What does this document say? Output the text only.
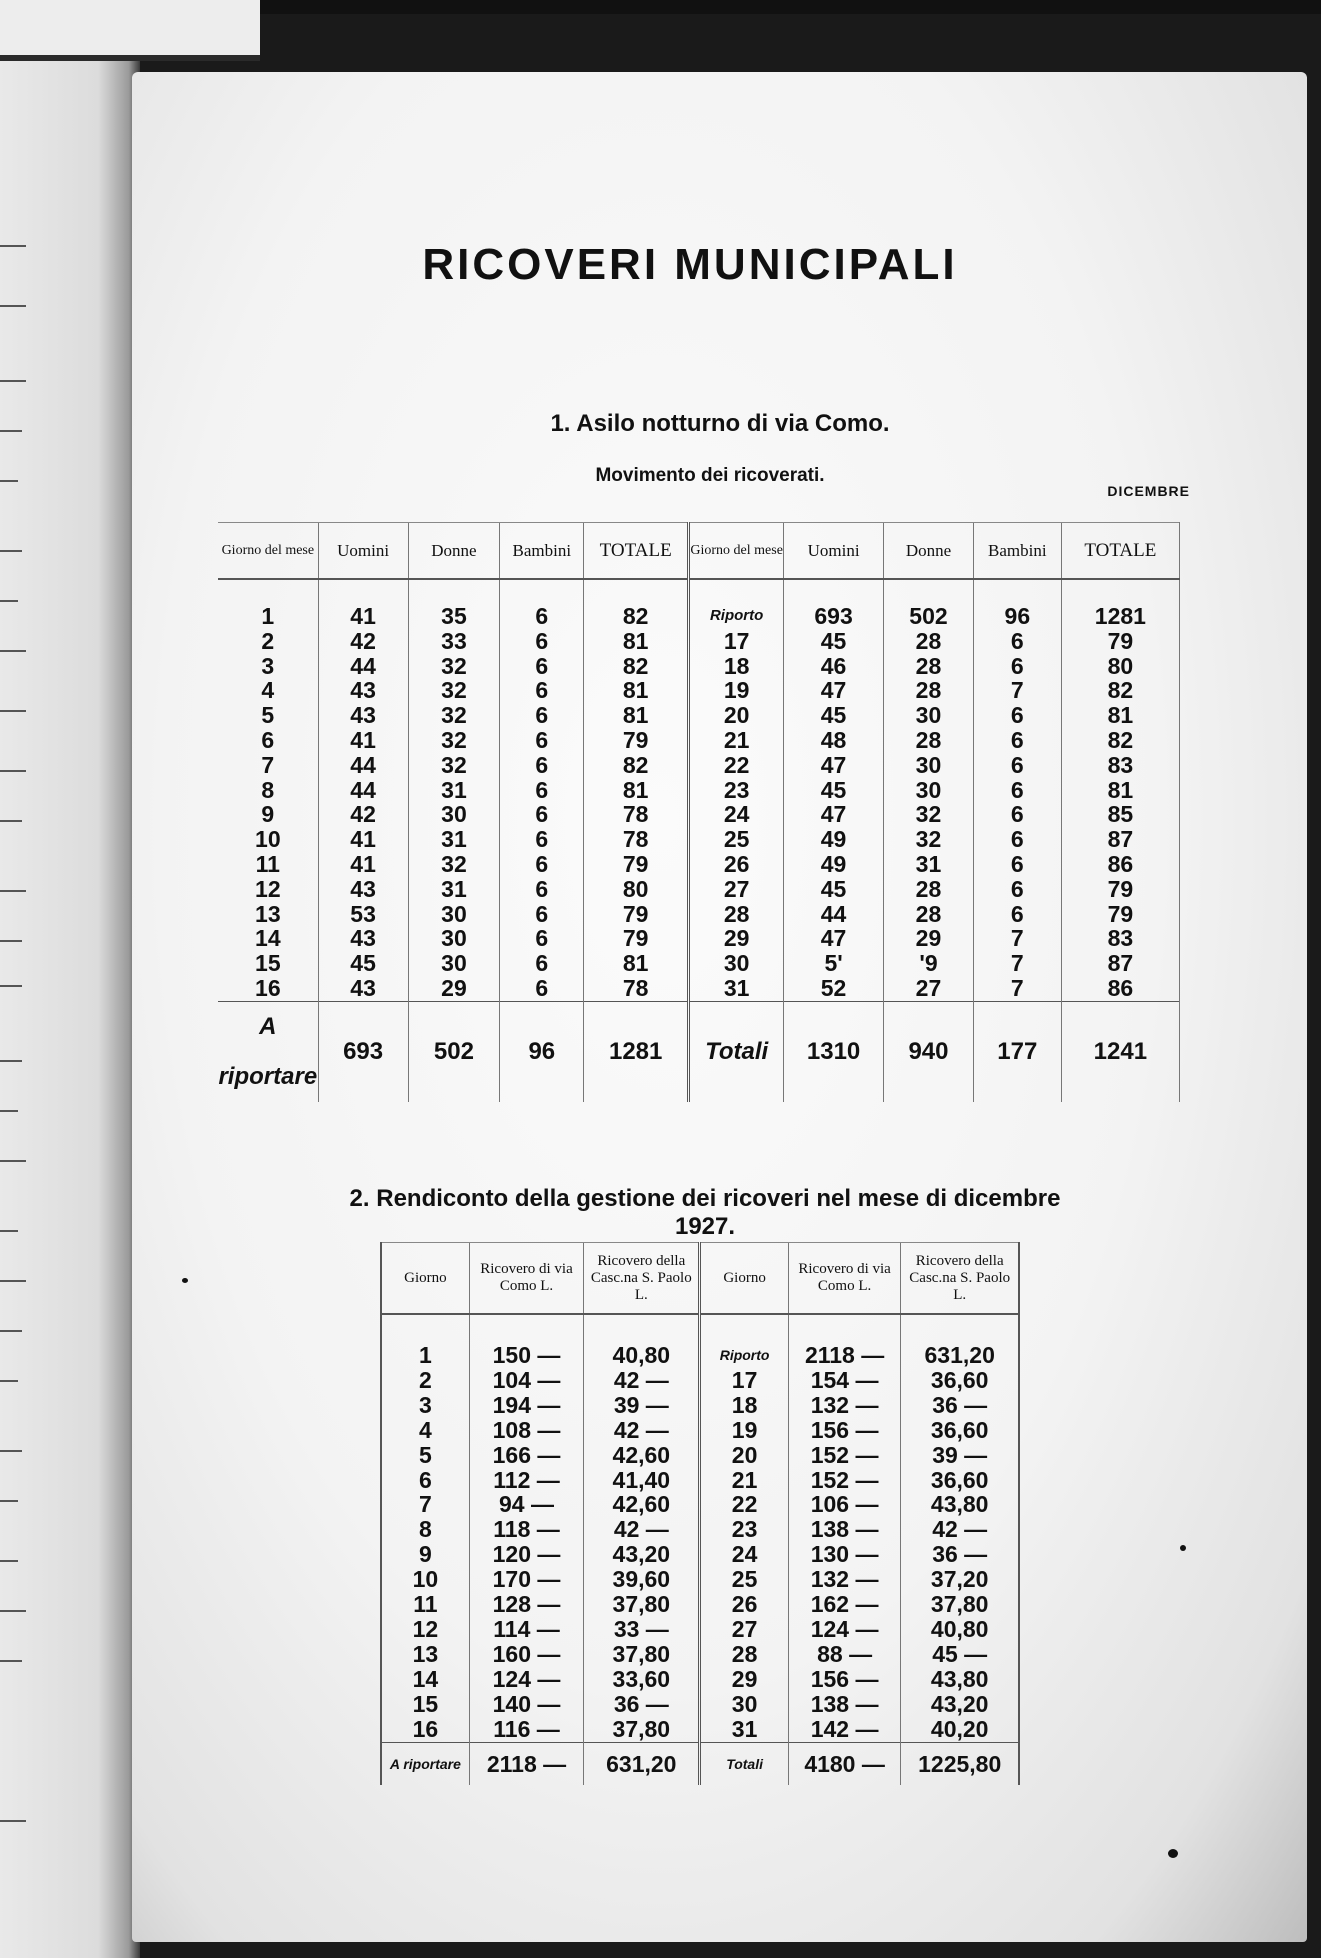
RICOVERI MUNICIPALI
1. Asilo notturno di via Como.
Movimento dei ricoverati.
DICEMBRE
Giorno del mese	Uomini	Donne	Bambini	TOTALE	Giorno del mese	Uomini	Donne	Bambini	TOTALE
1	41	35	6	82	Riporto	693	502	96	1281
2	42	33	6	81	17	45	28	6	79
3	44	32	6	82	18	46	28	6	80
4	43	32	6	81	19	47	28	7	82
5	43	32	6	81	20	45	30	6	81
6	41	32	6	79	21	48	28	6	82
7	44	32	6	82	22	47	30	6	83
8	44	31	6	81	23	45	30	6	81
9	42	30	6	78	24	47	32	6	85
10	41	31	6	78	25	49	32	6	87
11	41	32	6	79	26	49	31	6	86
12	43	31	6	80	27	45	28	6	79
13	53	30	6	79	28	44	28	6	79
14	43	30	6	79	29	47	29	7	83
15	45	30	6	81	30	5'	'9	7	87
16	43	29	6	78	31	52	27	7	86
A riportare	693	502	96	1281	Totali	1310	940	177	1241
2. Rendiconto della gestione dei ricoveri nel mese di dicembre 1927.
Giorno	Ricovero di via Como L.	Ricovero della Casc.na S. Paolo L.	Giorno	Ricovero di via Como L.	Ricovero della Casc.na S. Paolo L.
1	150 —	40,80	Riporto	2118 —	631,20
2	104 —	42 —	17	154 —	36,60
3	194 —	39 —	18	132 —	36 —
4	108 —	42 —	19	156 —	36,60
5	166 —	42,60	20	152 —	39 —
6	112 —	41,40	21	152 —	36,60
7	94 —	42,60	22	106 —	43,80
8	118 —	42 —	23	138 —	42 —
9	120 —	43,20	24	130 —	36 —
10	170 —	39,60	25	132 —	37,20
11	128 —	37,80	26	162 —	37,80
12	114 —	33 —	27	124 —	40,80
13	160 —	37,80	28	88 —	45 —
14	124 —	33,60	29	156 —	43,80
15	140 —	36 —	30	138 —	43,20
16	116 —	37,80	31	142 —	40,20
A riportare	2118 —	631,20	Totali	4180 —	1225,80
